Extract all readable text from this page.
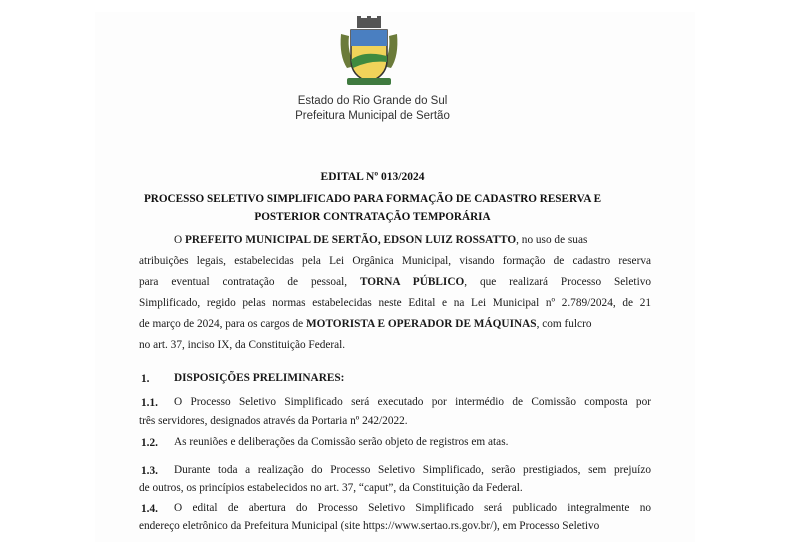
Estado do Rio Grande do Sul
Prefeitura Municipal de Sertão
EDITAL Nº 013/2024
PROCESSO SELETIVO SIMPLIFICADO PARA FORMAÇÃO DE CADASTRO RESERVA E
POSTERIOR CONTRATAÇÃO TEMPORÁRIA
O PREFEITO MUNICIPAL DE SERTÃO, EDSON LUIZ ROSSATTO, no uso de suas
atribuições legais, estabelecidas pela Lei Orgânica Municipal, visando formação de cadastro reserva
para eventual contratação de pessoal, TORNA PÚBLICO, que realizará Processo Seletivo
Simplificado, regido pelas normas estabelecidas neste Edital e na Lei Municipal nº 2.789/2024, de 21
de março de 2024, para os cargos de MOTORISTA E OPERADOR DE MÁQUINAS, com fulcro
no art. 37, inciso IX, da Constituição Federal.
1. DISPOSIÇÕES PRELIMINARES:
1.1. O Processo Seletivo Simplificado será executado por intermédio de Comissão composta por
três servidores, designados através da Portaria nº 242/2022.
1.2. As reuniões e deliberações da Comissão serão objeto de registros em atas.
1.3. Durante toda a realização do Processo Seletivo Simplificado, serão prestigiados, sem prejuízo
de outros, os princípios estabelecidos no art. 37, “caput”, da Constituição da Federal.
1.4. O edital de abertura do Processo Seletivo Simplificado será publicado integralmente no
endereço eletrônico da Prefeitura Municipal (site https://www.sertao.rs.gov.br/), em Processo Seletivo
